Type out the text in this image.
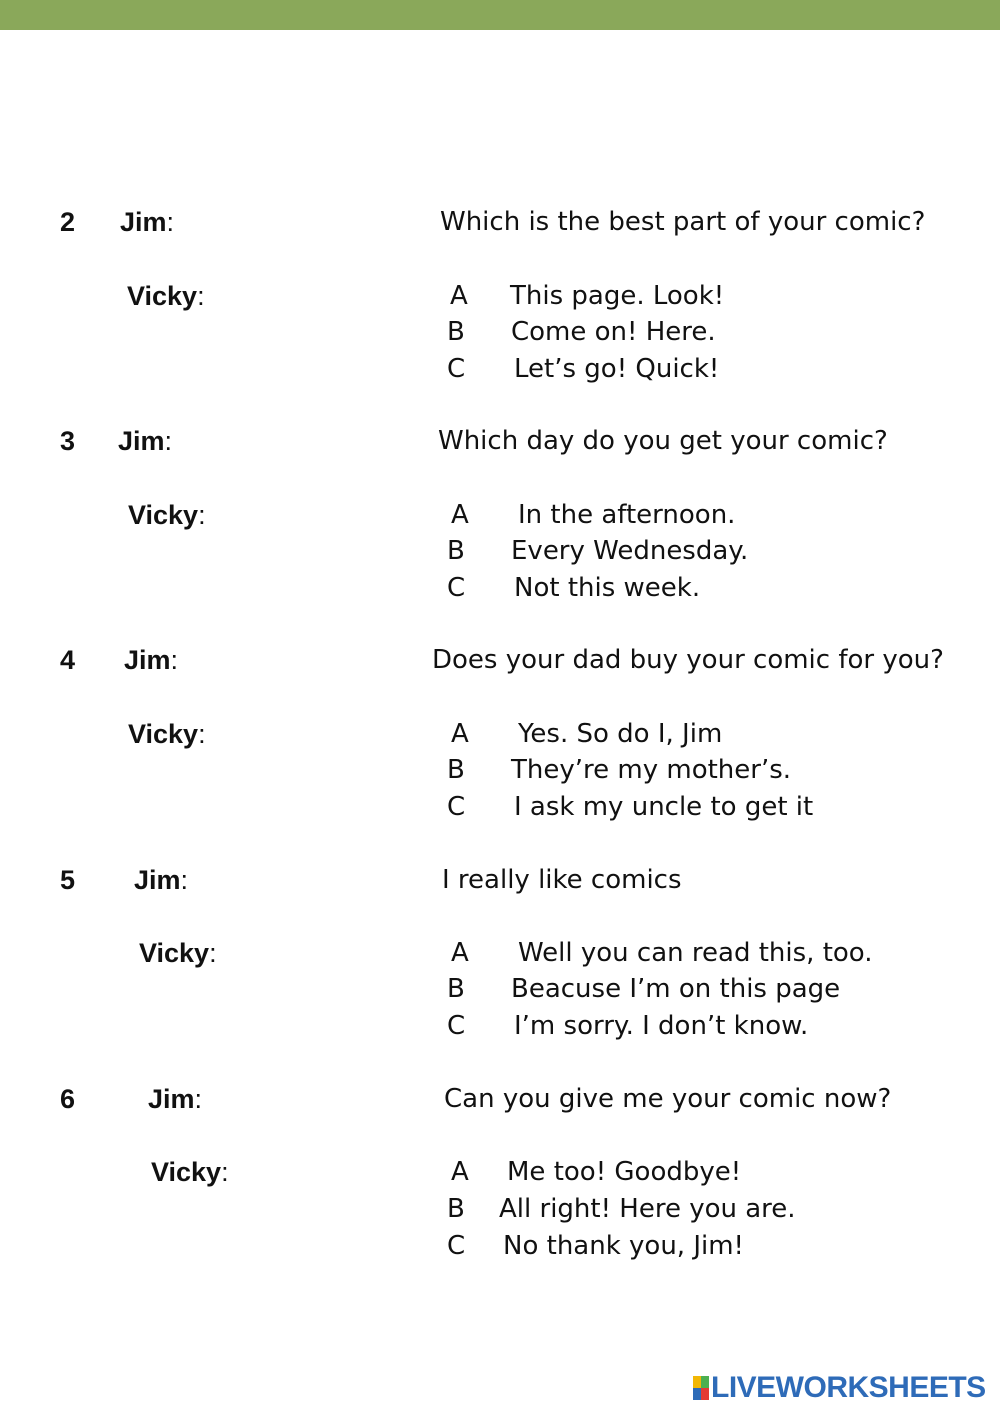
2 Jim:	Which is the best part of your comic?
Vicky:	A This page. Look!
B Come on! Here.
C Let’s go! Quick!
3 Jim:	Which day do you get your comic?
Vicky:	A In the afternoon.
B Every Wednesday.
C Not this week.
4 Jim:	Does your dad buy your comic for you?
Vicky:	A Yes. So do I, Jim
B They’re my mother’s.
C I ask my uncle to get it
5 Jim:	I really like comics
Vicky:	A Well you can read this, too.
B Beacuse I’m on this page
C I’m sorry. I don’t know.
6	Jim:	Can you give me your comic now?
Vicky:	A Me too! Goodbye!
B All right! Here you are.
C No thank you, Jim!
LIVEWORKSHEETS
